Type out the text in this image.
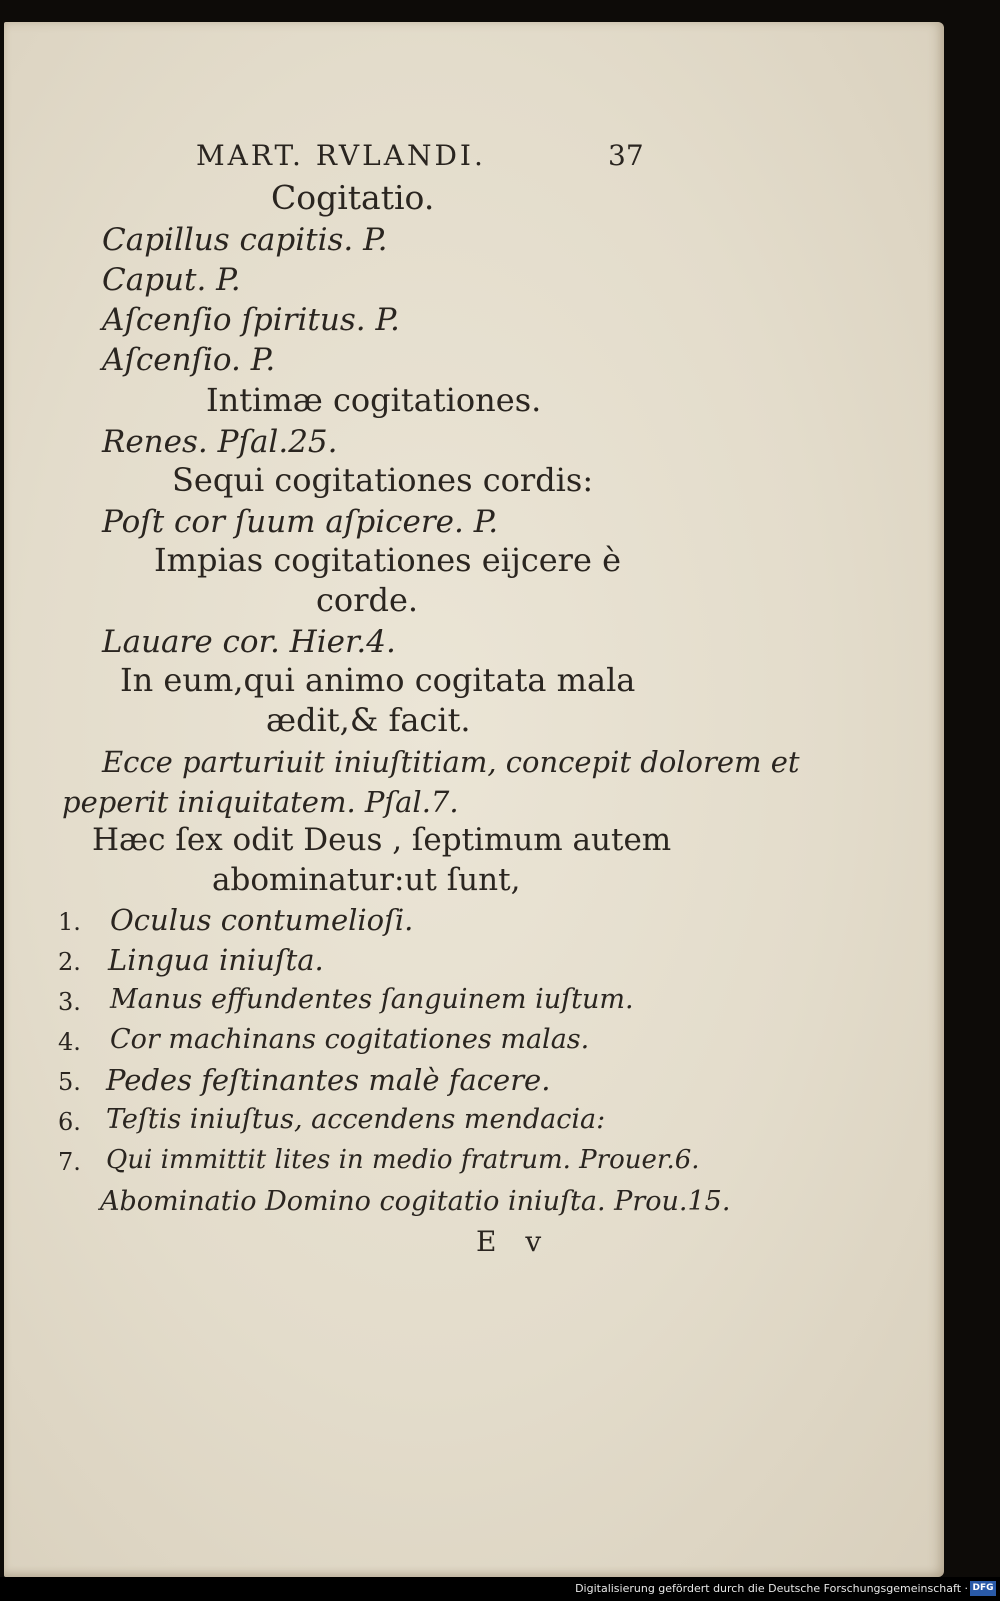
MART. RVLANDI.	37
Cogitatio.
Capillus capitis. P.
Caput. P.
Aſcenſio ſpiritus. P.
Aſcenſio. P.
Intimæ cogitationes.
Renes. Pſal.25.
Sequi cogitationes cordis:
Poſt cor ſuum aſpicere. P.
Impias cogitationes eijcere è
corde.
Lauare cor. Hier.4.
In eum,qui animo cogitata mala
ædit,& facit.
Ecce parturiuit iniuſtitiam, concepit dolorem et
peperit iniquitatem. Pſal.7.
Hæc ſex odit Deus , ſeptimum autem
abominatur:ut ſunt,
1. Oculus contumelioſi.
2. Lingua iniuſta.
3. Manus effundentes ſanguinem iuſtum.
4. Cor machinans cogitationes malas.
5. Pedes feſtinantes malè facere.
6. Teſtis iniuſtus, accendens mendacia:
7. Qui immittit lites in medio fratrum. Prouer.6.
Abominatio Domino cogitatio iniuſta. Prou.15.
E v
Digitalisierung gefördert durch die Deutsche Forschungsgemeinschaft · DFG
